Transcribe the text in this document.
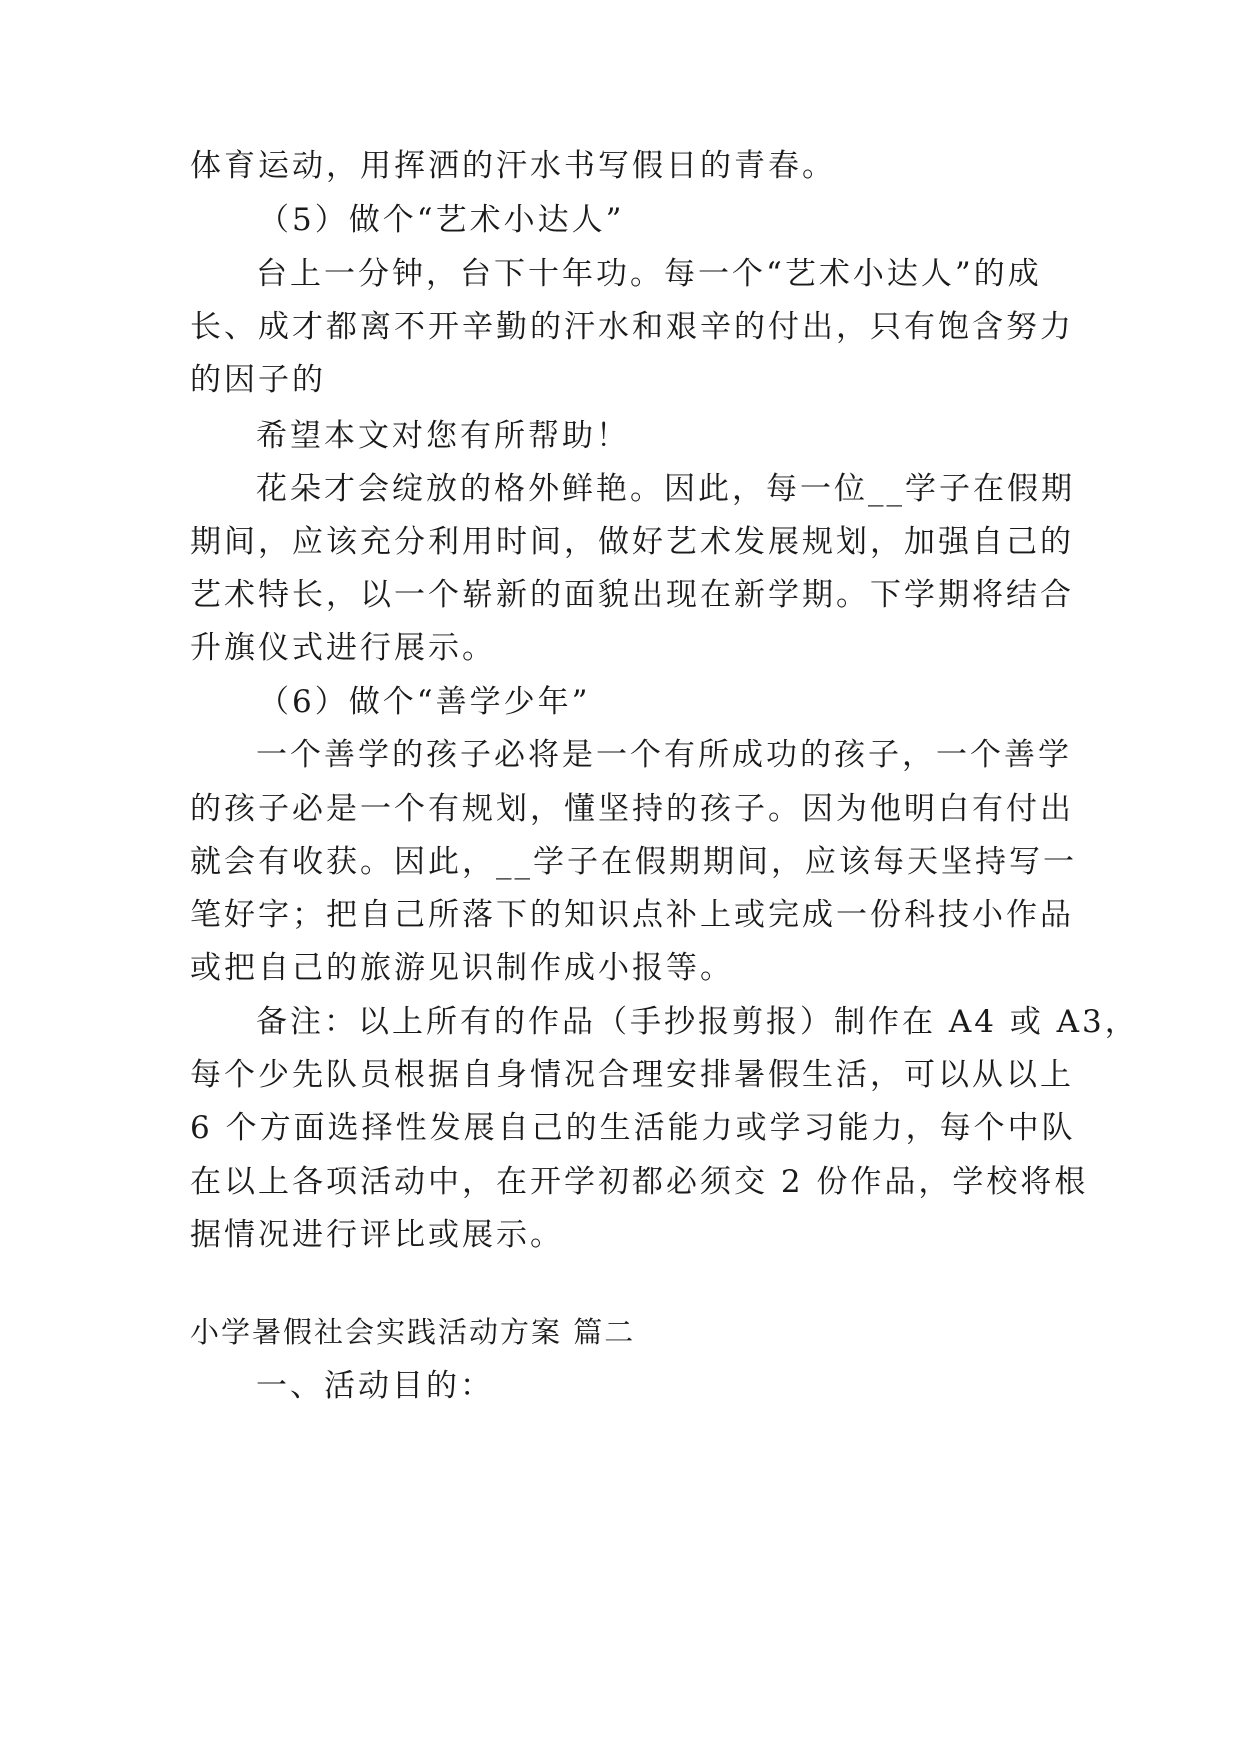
体育运动，用挥洒的汗水书写假日的青春。
（5）做个“艺术小达人”
台上一分钟，台下十年功。每一个“艺术小达人”的成
长、成才都离不开辛勤的汗水和艰辛的付出，只有饱含努力
的因子的
希望本文对您有所帮助！
花朵才会绽放的格外鲜艳。因此，每一位__学子在假期
期间，应该充分利用时间，做好艺术发展规划，加强自己的
艺术特长，以一个崭新的面貌出现在新学期。下学期将结合
升旗仪式进行展示。
（6）做个“善学少年”
一个善学的孩子必将是一个有所成功的孩子，一个善学
的孩子必是一个有规划，懂坚持的孩子。因为他明白有付出
就会有收获。因此，__学子在假期期间，应该每天坚持写一
笔好字；把自己所落下的知识点补上或完成一份科技小作品
或把自己的旅游见识制作成小报等。
备注：以上所有的作品（手抄报剪报）制作在 A4 或 A3，
每个少先队员根据自身情况合理安排暑假生活，可以从以上
6 个方面选择性发展自己的生活能力或学习能力，每个中队
在以上各项活动中，在开学初都必须交 2 份作品，学校将根
据情况进行评比或展示。
小学暑假社会实践活动方案 篇二
一、活动目的：
